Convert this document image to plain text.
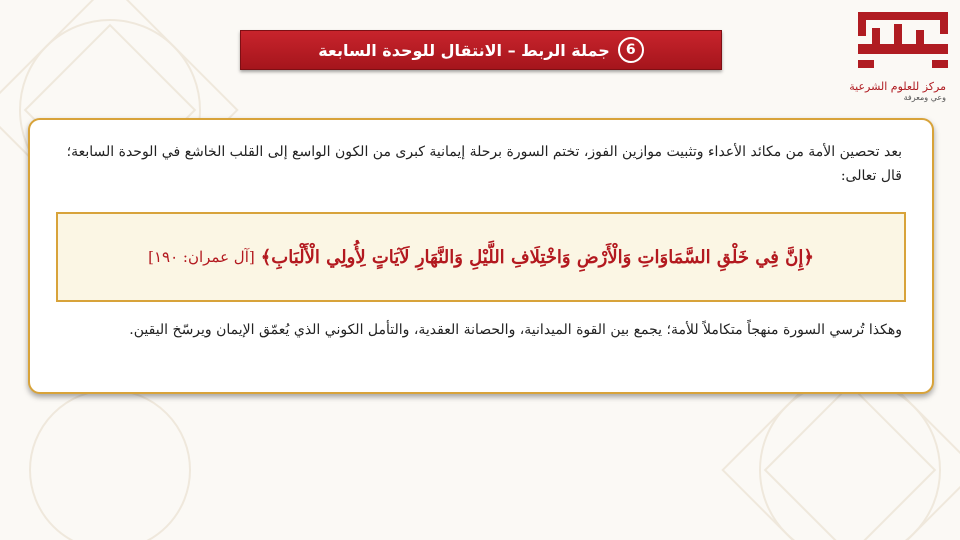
6
جملة الربط – الانتقال للوحدة السابعة
مركز للعلوم الشرعية
وعي ومعرفة
بعد تحصين الأمة من مكائد الأعداء وتثبيت موازين الفوز، تختم السورة برحلة إيمانية كبرى من الكون الواسع إلى القلب الخاشع في الوحدة السابعة؛ قال تعالى:
﴿إِنَّ فِي خَلْقِ السَّمَاوَاتِ وَالْأَرْضِ وَاخْتِلَافِ اللَّيْلِ وَالنَّهَارِ لَآيَاتٍ لِأُولِي الْأَلْبَابِ﴾
[آل عمران: ١٩٠]
وهكذا تُرسي السورة منهجاً متكاملاً للأمة؛ يجمع بين القوة الميدانية، والحصانة العقدية، والتأمل الكوني الذي يُعمّق الإيمان ويرسّخ اليقين.
